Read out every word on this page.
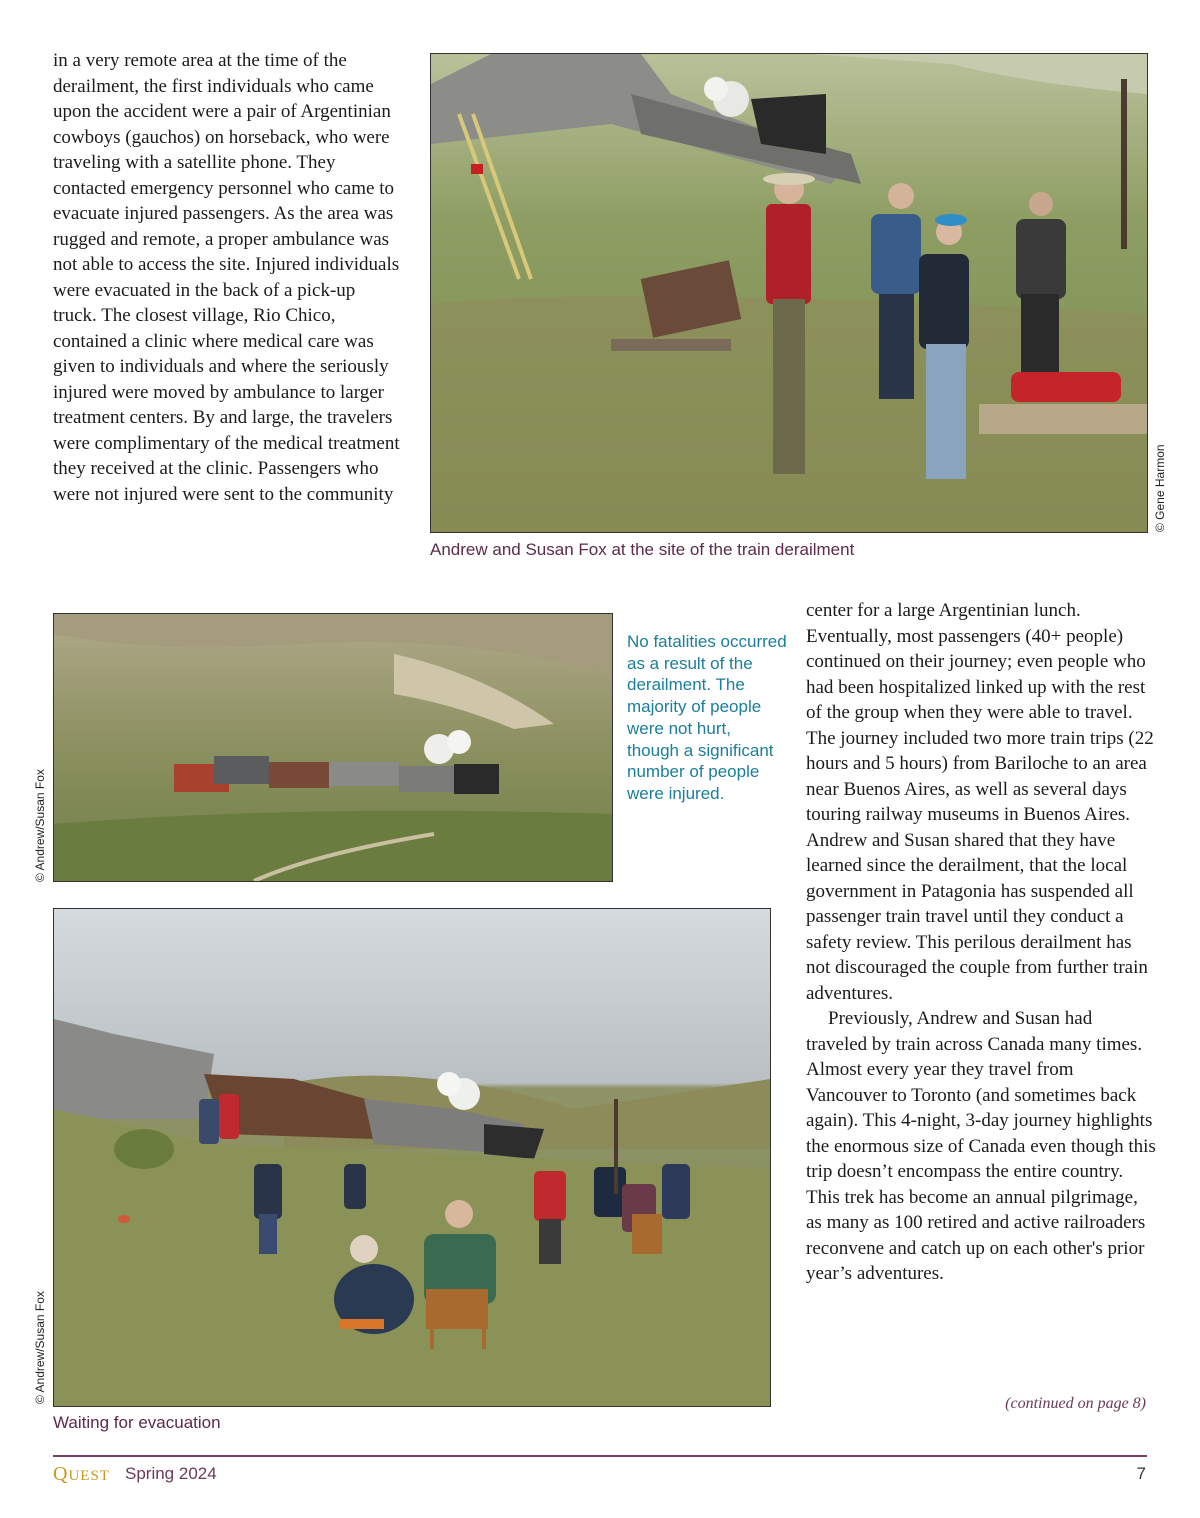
in a very remote area at the time of the derailment, the first individuals who came upon the accident were a pair of Argentinian cowboys (gauchos) on horseback, who were traveling with a satellite phone. They contacted emergency personnel who came to evacuate injured passengers. As the area was rugged and remote, a proper ambulance was not able to access the site. Injured individuals were evacuated in the back of a pick-up truck. The closest village, Rio Chico, contained a clinic where medical care was given to individuals and where the seriously injured were moved by ambulance to larger treatment centers. By and large, the travelers were complimentary of the medical treatment they received at the clinic. Passengers who were not injured were sent to the community

Andrew and Susan Fox at the site of the train derailment
© Gene Harmon
© Andrew/Susan Fox
No fatalities occurred as a result of the derailment. The majority of people were not hurt, though a significant number of people were injured.

center for a large Argentinian lunch. Eventually, most passengers (40+ people) continued on their journey; even people who had been hospitalized linked up with the rest of the group when they were able to travel. The journey included two more train trips (22 hours and 5 hours) from Bariloche to an area near Buenos Aires, as well as several days touring railway museums in Buenos Aires. Andrew and Susan shared that they have learned since the derailment, that the local government in Patagonia has suspended all passenger train travel until they conduct a safety review. This perilous derailment has not discouraged the couple from further train adventures.

Previously, Andrew and Susan had traveled by train across Canada many times. Almost every year they travel from Vancouver to Toronto (and sometimes back again). This 4-night, 3-day journey highlights the enormous size of Canada even though this trip doesn’t encompass the entire country. This trek has become an annual pilgrimage, as many as 100 retired and active railroaders reconvene and catch up on each other's prior year’s adventures.

Waiting for evacuation
© Andrew/Susan Fox	(continued on page 8)
QUEST Spring 2024	7
